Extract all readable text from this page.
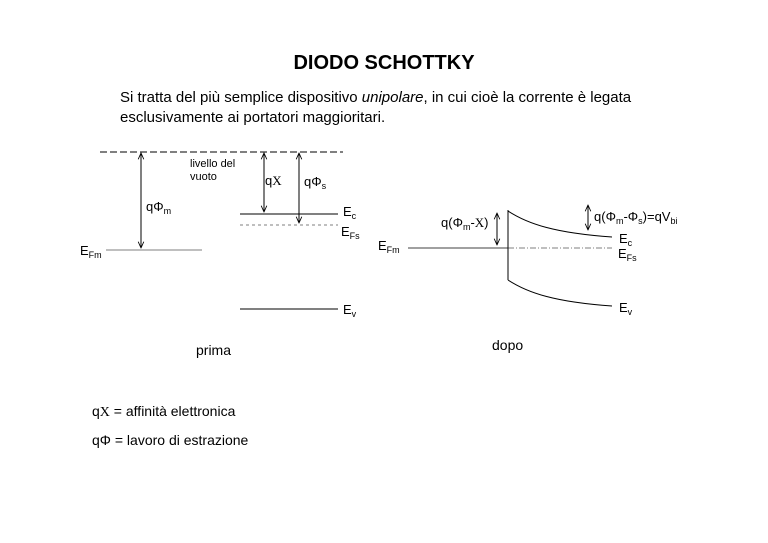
DIODO SCHOTTKY
Si tratta del più semplice dispositivo unipolare, in cui cioè la corrente è legata esclusivamente ai portatori maggioritari.
livello del
vuoto
$q\Phi_m$
$E_{Fm}$
qX $q\Phi_s$
$E_c$
$E_{Fs}$
$E_v$
prima
$E_{Fm}$
$q(\Phi_m-X)$
$E_c$
$E_{Fs}$
$E_v$
$q(\Phi_m-\Phi_s)=qV_{bi}$
dopo
qX = affinità elettronica
qΦ = lavoro di estrazione
